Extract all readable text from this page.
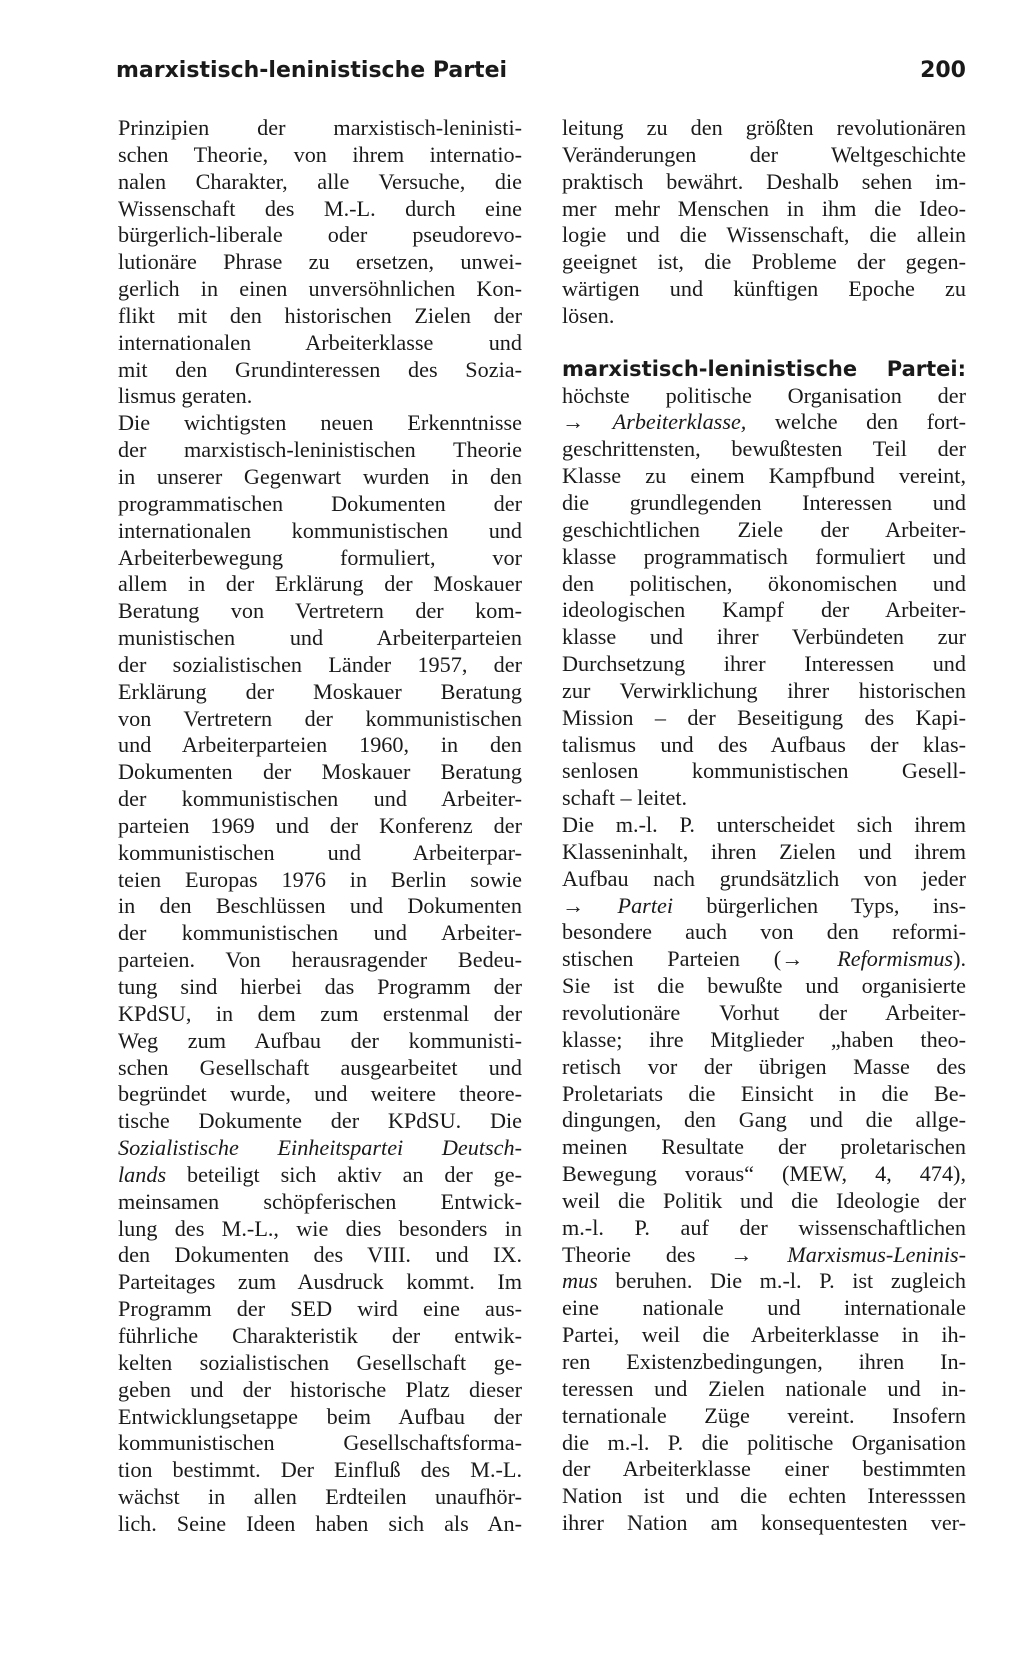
marxistisch-leninistische Partei	200
Prinzipien der marxistisch-leninisti-
schen Theorie, von ihrem internatio-
nalen Charakter, alle Versuche, die
Wissenschaft des M.-L. durch eine
bürgerlich-liberale oder pseudorevo-
lutionäre Phrase zu ersetzen, unwei-
gerlich in einen unversöhnlichen Kon-
flikt mit den historischen Zielen der
internationalen Arbeiterklasse und
mit den Grundinteressen des Sozia-
lismus geraten.
Die wichtigsten neuen Erkenntnisse
der marxistisch-leninistischen Theorie
in unserer Gegenwart wurden in den
programmatischen Dokumenten der
internationalen kommunistischen und
Arbeiterbewegung formuliert, vor
allem in der Erklärung der Moskauer
Beratung von Vertretern der kom-
munistischen und Arbeiterparteien
der sozialistischen Länder 1957, der
Erklärung der Moskauer Beratung
von Vertretern der kommunistischen
und Arbeiterparteien 1960, in den
Dokumenten der Moskauer Beratung
der kommunistischen und Arbeiter-
parteien 1969 und der Konferenz der
kommunistischen und Arbeiterpar-
teien Europas 1976 in Berlin sowie
in den Beschlüssen und Dokumenten
der kommunistischen und Arbeiter-
parteien. Von herausragender Bedeu-
tung sind hierbei das Programm der
KPdSU, in dem zum erstenmal der
Weg zum Aufbau der kommunisti-
schen Gesellschaft ausgearbeitet und
begründet wurde, und weitere theore-
tische Dokumente der KPdSU. Die
Sozialistische Einheitspartei Deutsch-
lands beteiligt sich aktiv an der ge-
meinsamen schöpferischen Entwick-
lung des M.-L., wie dies besonders in
den Dokumenten des VIII. und IX.
Parteitages zum Ausdruck kommt. Im
Programm der SED wird eine aus-
führliche Charakteristik der entwik-
kelten sozialistischen Gesellschaft ge-
geben und der historische Platz dieser
Entwicklungsetappe beim Aufbau der
kommunistischen Gesellschaftsforma-
tion bestimmt. Der Einfluß des M.-L.
wächst in allen Erdteilen unaufhör-
lich. Seine Ideen haben sich als An-
leitung zu den größten revolutionären
Veränderungen der Weltgeschichte
praktisch bewährt. Deshalb sehen im-
mer mehr Menschen in ihm die Ideo-
logie und die Wissenschaft, die allein
geeignet ist, die Probleme der gegen-
wärtigen und künftigen Epoche zu
lösen.
marxistisch-leninistische Partei:
höchste politische Organisation der
→ Arbeiterklasse, welche den fort-
geschrittensten, bewußtesten Teil der
Klasse zu einem Kampfbund vereint,
die grundlegenden Interessen und
geschichtlichen Ziele der Arbeiter-
klasse programmatisch formuliert und
den politischen, ökonomischen und
ideologischen Kampf der Arbeiter-
klasse und ihrer Verbündeten zur
Durchsetzung ihrer Interessen und
zur Verwirklichung ihrer historischen
Mission – der Beseitigung des Kapi-
talismus und des Aufbaus der klas-
senlosen kommunistischen Gesell-
schaft – leitet.
Die m.-l. P. unterscheidet sich ihrem
Klasseninhalt, ihren Zielen und ihrem
Aufbau nach grundsätzlich von jeder
→ Partei bürgerlichen Typs, ins-
besondere auch von den reformi-
stischen Parteien (→ Reformismus).
Sie ist die bewußte und organisierte
revolutionäre Vorhut der Arbeiter-
klasse; ihre Mitglieder „haben theo-
retisch vor der übrigen Masse des
Proletariats die Einsicht in die Be-
dingungen, den Gang und die allge-
meinen Resultate der proletarischen
Bewegung voraus“ (MEW, 4, 474),
weil die Politik und die Ideologie der
m.-l. P. auf der wissenschaftlichen
Theorie des → Marxismus-Leninis-
mus beruhen. Die m.-l. P. ist zugleich
eine nationale und internationale
Partei, weil die Arbeiterklasse in ih-
ren Existenzbedingungen, ihren In-
teressen und Zielen nationale und in-
ternationale Züge vereint. Insofern
die m.-l. P. die politische Organisation
der Arbeiterklasse einer bestimmten
Nation ist und die echten Interesssen
ihrer Nation am konsequentesten ver-
